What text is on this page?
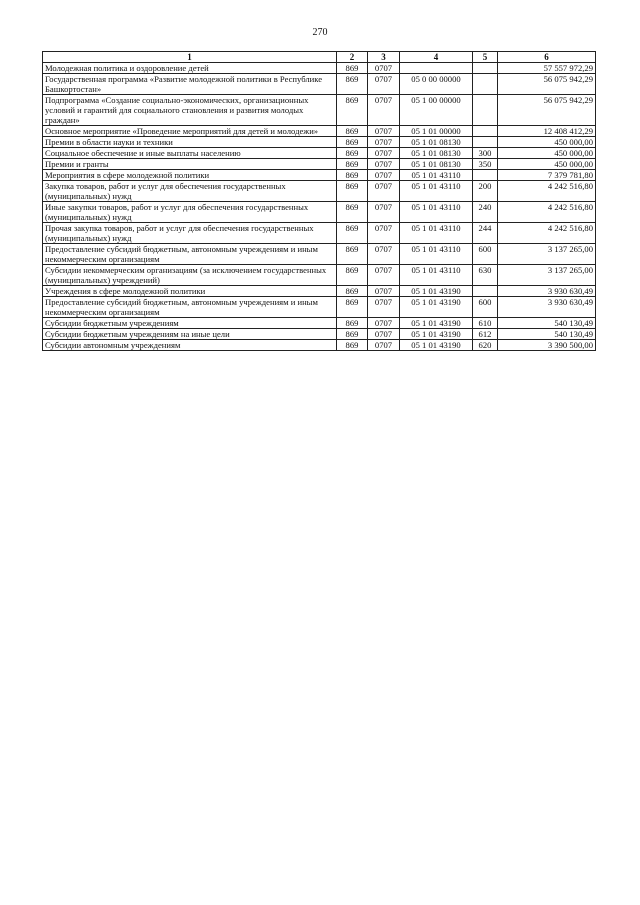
270
1	2	3	4	5	6
Молодежная политика и оздоровление детей	869	0707			57 557 972,29
Государственная программа «Развитие молодежной политики в Республике Башкортостан»	869	0707	05 0 00 00000		56 075 942,29
Подпрограмма «Создание социально-экономических, организационных условий и гарантий для социального становления и развития молодых граждан»	869	0707	05 1 00 00000		56 075 942,29
Основное мероприятие «Проведение мероприятий для детей и молодежи»	869	0707	05 1 01 00000		12 408 412,29
Премии в области науки и техники	869	0707	05 1 01 08130		450 000,00
Социальное обеспечение и иные выплаты населению	869	0707	05 1 01 08130	300	450 000,00
Премии и гранты	869	0707	05 1 01 08130	350	450 000,00
Мероприятия в сфере молодежной политики	869	0707	05 1 01 43110		7 379 781,80
Закупка товаров, работ и услуг для обеспечения государственных (муниципальных) нужд	869	0707	05 1 01 43110	200	4 242 516,80
Иные закупки товаров, работ и услуг для обеспечения государственных (муниципальных) нужд	869	0707	05 1 01 43110	240	4 242 516,80
Прочая закупка товаров, работ и услуг для обеспечения государственных (муниципальных) нужд	869	0707	05 1 01 43110	244	4 242 516,80
Предоставление субсидий бюджетным, автономным учреждениям и иным некоммерческим организациям	869	0707	05 1 01 43110	600	3 137 265,00
Субсидии некоммерческим организациям (за исключением государственных (муниципальных) учреждений)	869	0707	05 1 01 43110	630	3 137 265,00
Учреждения в сфере молодежной политики	869	0707	05 1 01 43190		3 930 630,49
Предоставление субсидий бюджетным, автономным учреждениям и иным некоммерческим организациям	869	0707	05 1 01 43190	600	3 930 630,49
Субсидии бюджетным учреждениям	869	0707	05 1 01 43190	610	540 130,49
Субсидии бюджетным учреждениям на иные цели	869	0707	05 1 01 43190	612	540 130,49
Субсидии автономным учреждениям	869	0707	05 1 01 43190	620	3 390 500,00
